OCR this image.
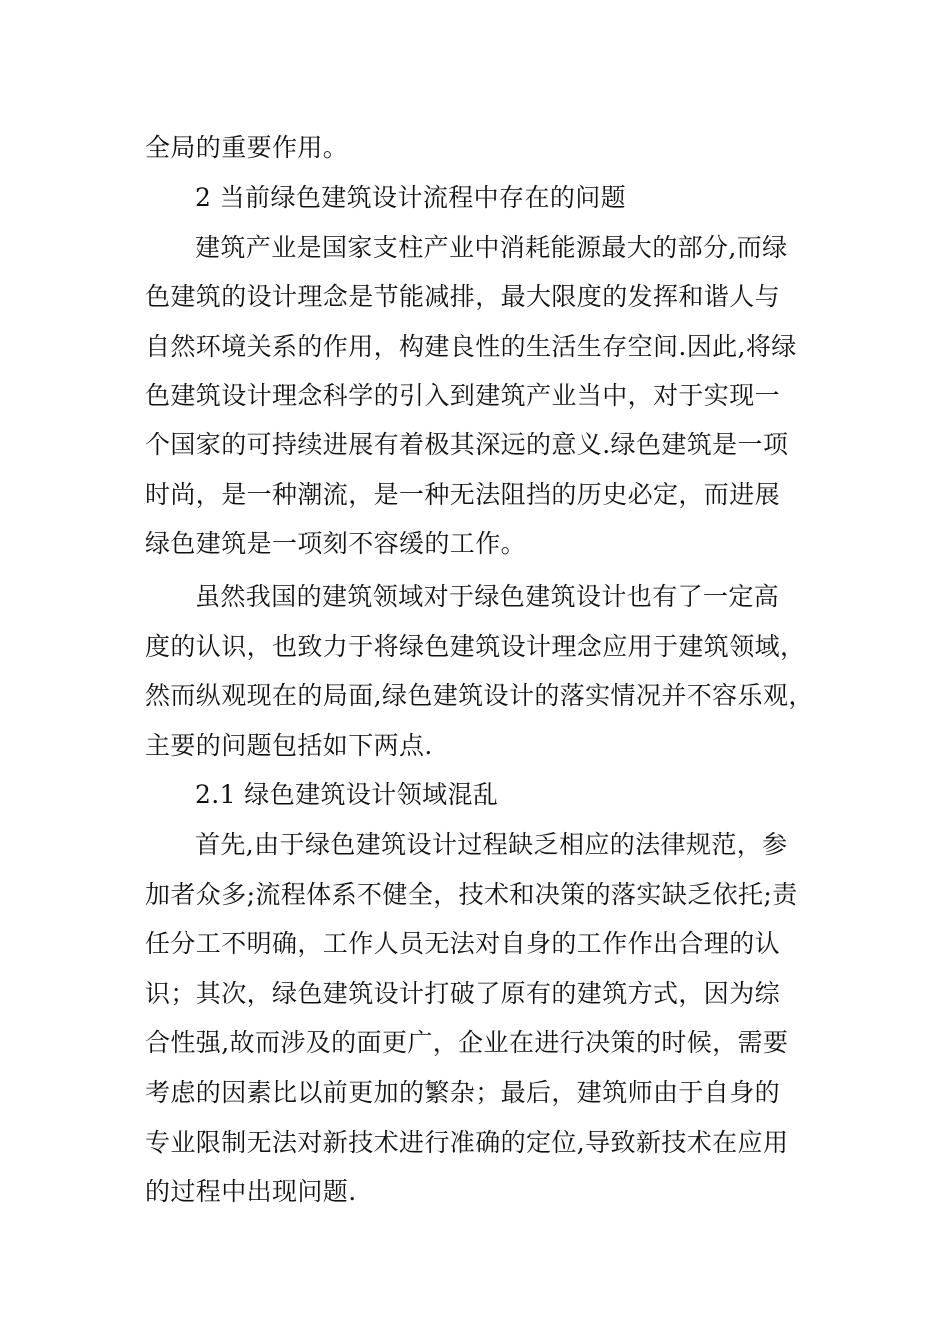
全局的重要作用。
2 当前绿色建筑设计流程中存在的问题
建筑产业是国家支柱产业中消耗能源最大的部分,而绿
色建筑的设计理念是节能减排，最大限度的发挥和谐人与
自然环境关系的作用，构建良性的生活生存空间.因此,将绿
色建筑设计理念科学的引入到建筑产业当中，对于实现一
个国家的可持续进展有着极其深远的意义.绿色建筑是一项
时尚，是一种潮流，是一种无法阻挡的历史必定，而进展
绿色建筑是一项刻不容缓的工作。
虽然我国的建筑领域对于绿色建筑设计也有了一定高
度的认识，也致力于将绿色建筑设计理念应用于建筑领域，
然而纵观现在的局面,绿色建筑设计的落实情况并不容乐观，
主要的问题包括如下两点.
2.1 绿色建筑设计领域混乱
首先,由于绿色建筑设计过程缺乏相应的法律规范，参
加者众多;流程体系不健全，技术和决策的落实缺乏依托;责
任分工不明确，工作人员无法对自身的工作作出合理的认
识；其次，绿色建筑设计打破了原有的建筑方式，因为综
合性强,故而涉及的面更广，企业在进行决策的时候，需要
考虑的因素比以前更加的繁杂；最后，建筑师由于自身的
专业限制无法对新技术进行准确的定位,导致新技术在应用
的过程中出现问题.
